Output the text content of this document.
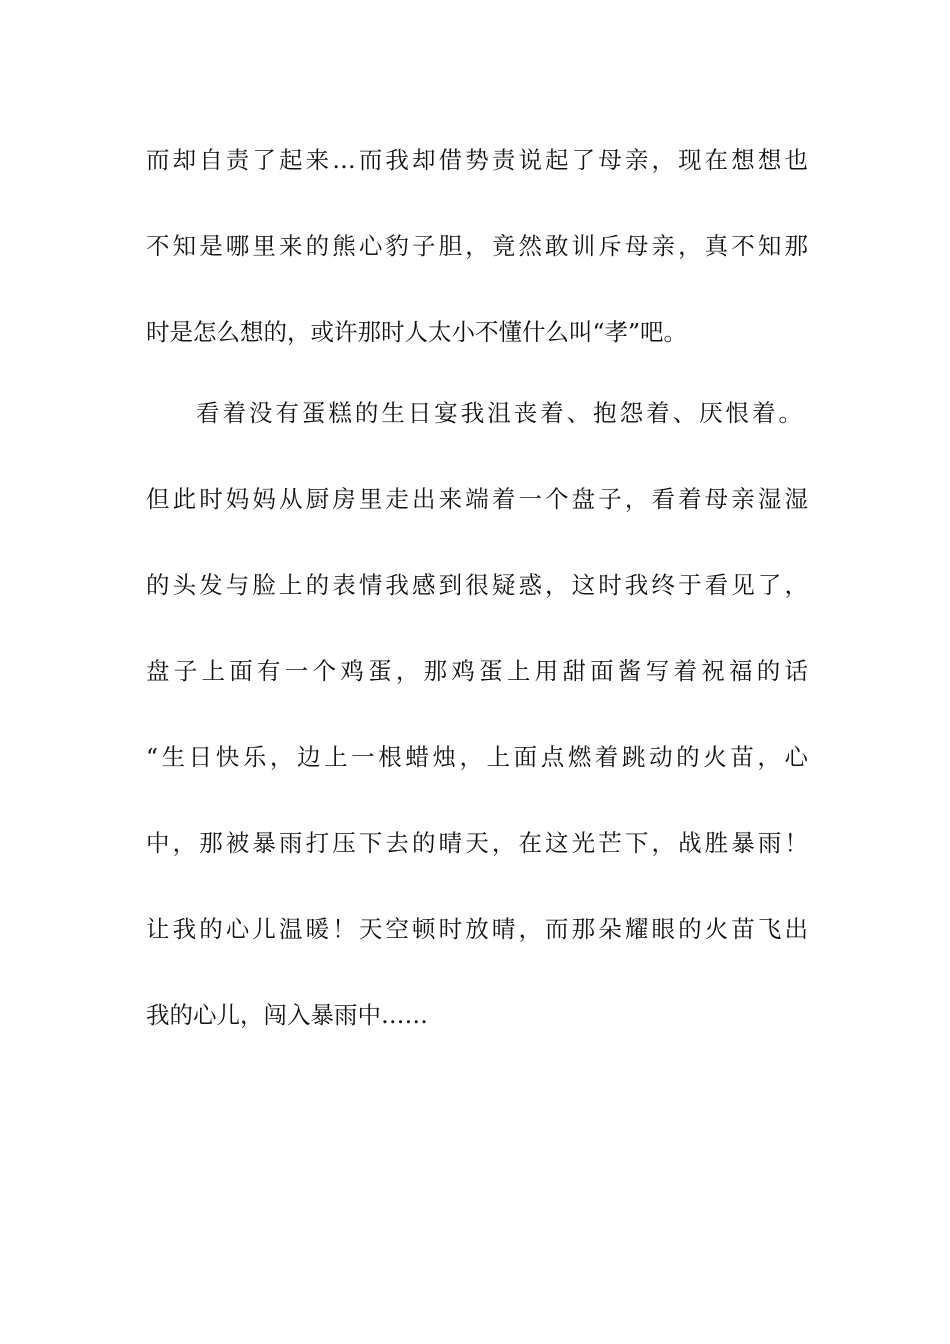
而却自责了起来…而我却借势责说起了母亲，现在想想也
不知是哪里来的熊心豹子胆，竟然敢训斥母亲，真不知那
时是怎么想的，或许那时人太小不懂什么叫“孝”吧。
看着没有蛋糕的生日宴我沮丧着、抱怨着、厌恨着。
但此时妈妈从厨房里走出来端着一个盘子，看着母亲湿湿
的头发与脸上的表情我感到很疑惑，这时我终于看见了，
盘子上面有一个鸡蛋，那鸡蛋上用甜面酱写着祝福的话
“生日快乐，边上一根蜡烛，上面点燃着跳动的火苗，心
中，那被暴雨打压下去的晴天，在这光芒下，战胜暴雨！
让我的心儿温暖！天空顿时放晴，而那朵耀眼的火苗飞出
我的心儿，闯入暴雨中……
